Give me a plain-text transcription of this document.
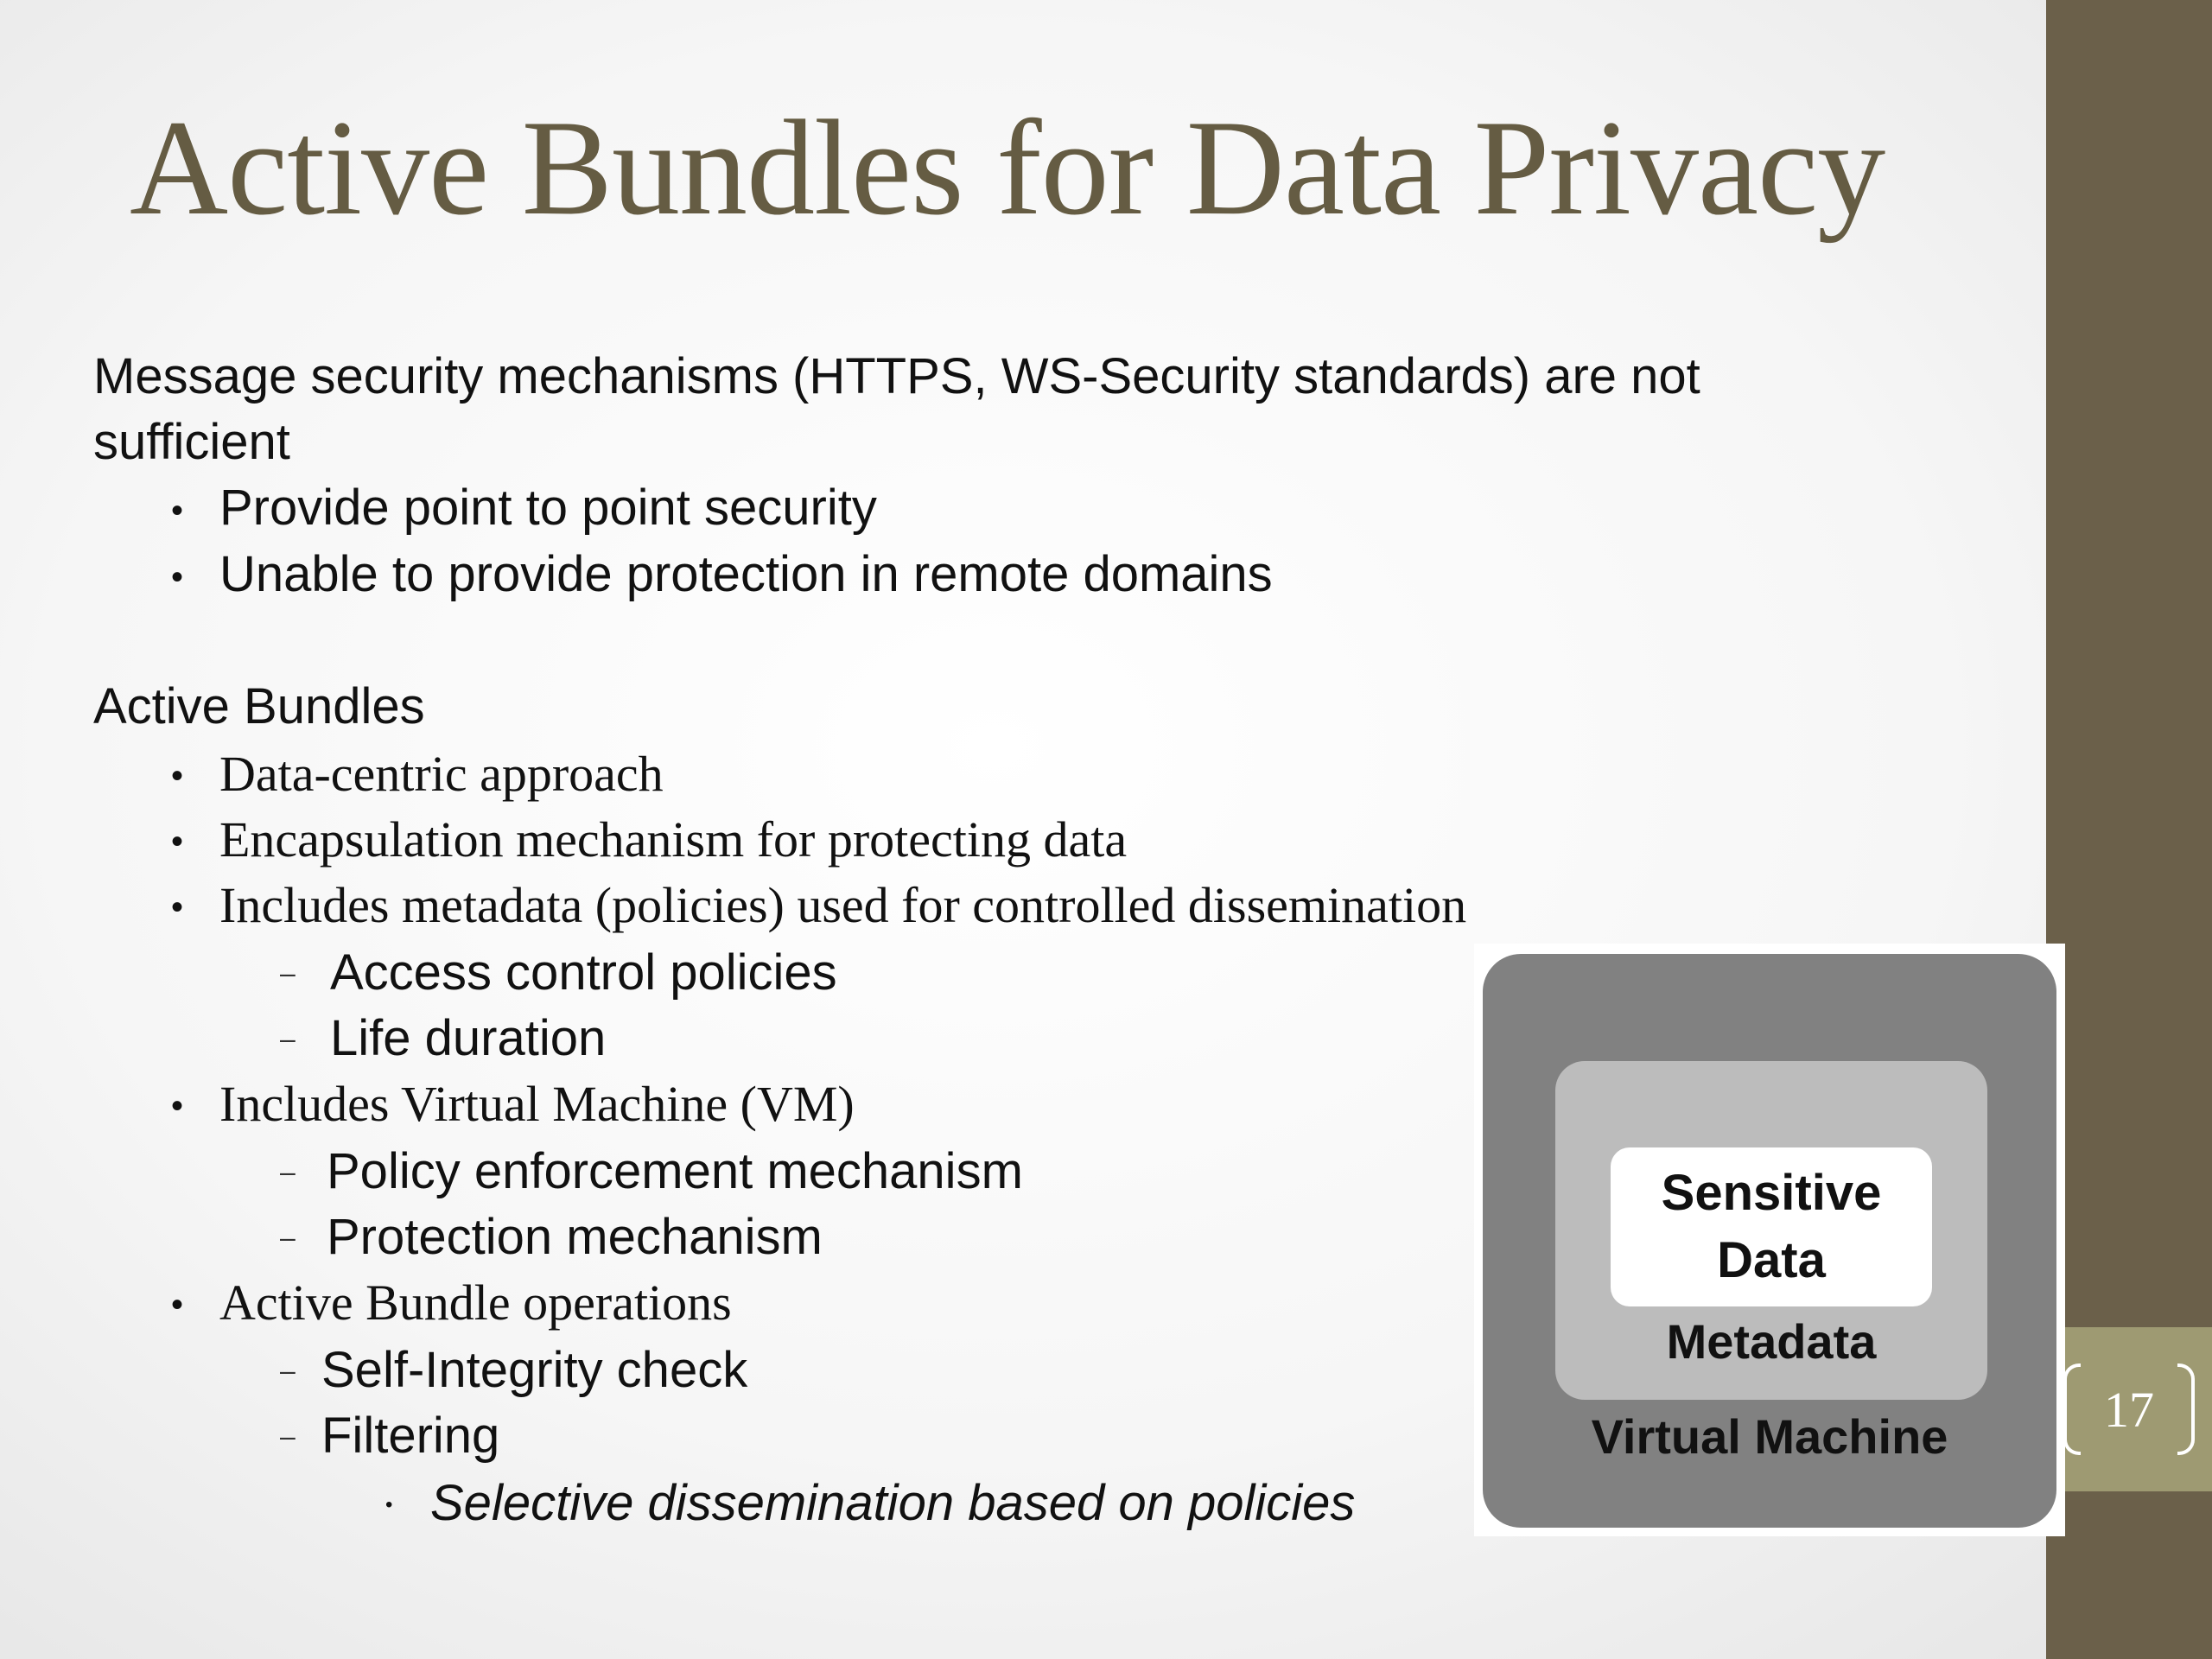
17
Active Bundles for Data Privacy
Message security mechanisms (HTTPS, WS-Security standards) are not
sufficient
• Provide point to point security
• Unable to provide protection in remote domains
Active Bundles
• Data-centric approach
• Encapsulation mechanism for protecting data
• Includes metadata (policies) used for controlled dissemination
– Access control policies
– Life duration
• Includes Virtual Machine (VM)
– Policy enforcement mechanism
– Protection mechanism
• Active Bundle operations
– Self-Integrity check
– Filtering
• Selective dissemination based on policies
Sensitive
Data
Metadata
Virtual Machine
